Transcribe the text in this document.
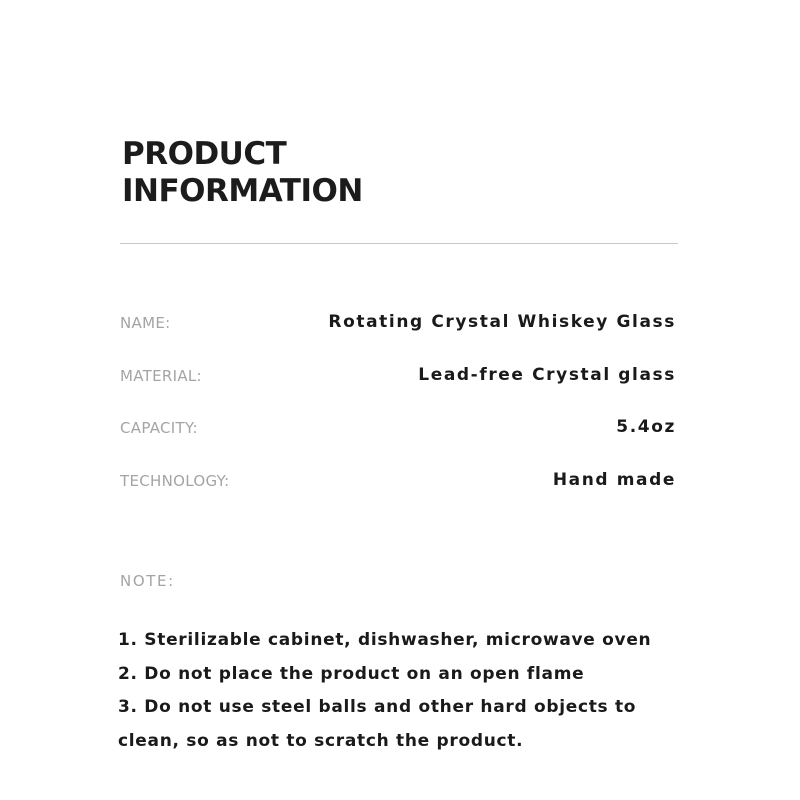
PRODUCT
INFORMATION
NAME:	Rotating Crystal Whiskey Glass
MATERIAL:	Lead-free Crystal glass
CAPACITY:	5.4oz
TECHNOLOGY:	Hand made
NOTE:
1. Sterilizable cabinet, dishwasher, microwave oven
2. Do not place the product on an open flame
3. Do not use steel balls and other hard objects to
clean, so as not to scratch the product.
